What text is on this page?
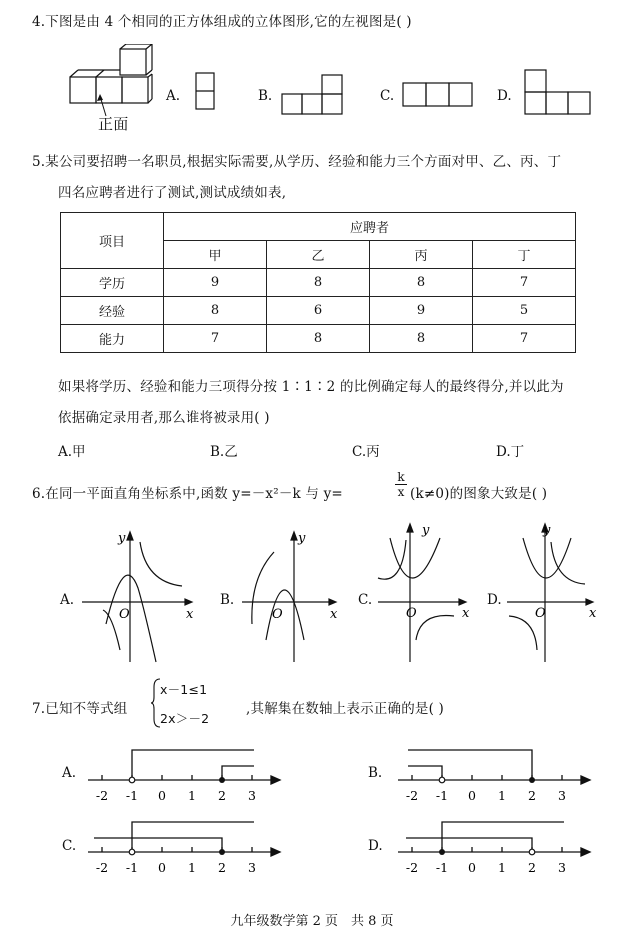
4.下图是由 4 个相同的正方体组成的立体图形,它的左视图是( )
正面
A.	B.	C.	D.
5.某公司要招聘一名职员,根据实际需要,从学历、经验和能力三个方面对甲、乙、丙、丁
四名应聘者进行了测试,测试成绩如表,
项目	应聘者			
	甲	乙	丙	丁
学历	9	8	8	7
经验	8	6	9	5
能力	7	8	8	7
如果将学历、经验和能力三项得分按 1∶1∶2 的比例确定每人的最终得分,并以此为
依据确定录用者,那么谁将被录用( )
A.甲	B.乙	C.丙	D.丁
6.在同一平面直角坐标系中,函数 y=－x²－k 与 y=	$\frac{k}{x} (k\ne 0)$的图象大致是( )
A.
y
x
O
B.
y
x
O
C.
y
x
O
D.
y
x
O
7.已知不等式组
x－1≤1
2x＞－2
,其解集在数轴上表示正确的是( )
A.
-2 -1 0 1 2 3
B.
-2 -1 0 1 2 3
C.
-2 -1 0 1 2 3
D.
-2 -1 0 1 2 3
九年级数学第 2 页　共 8 页
